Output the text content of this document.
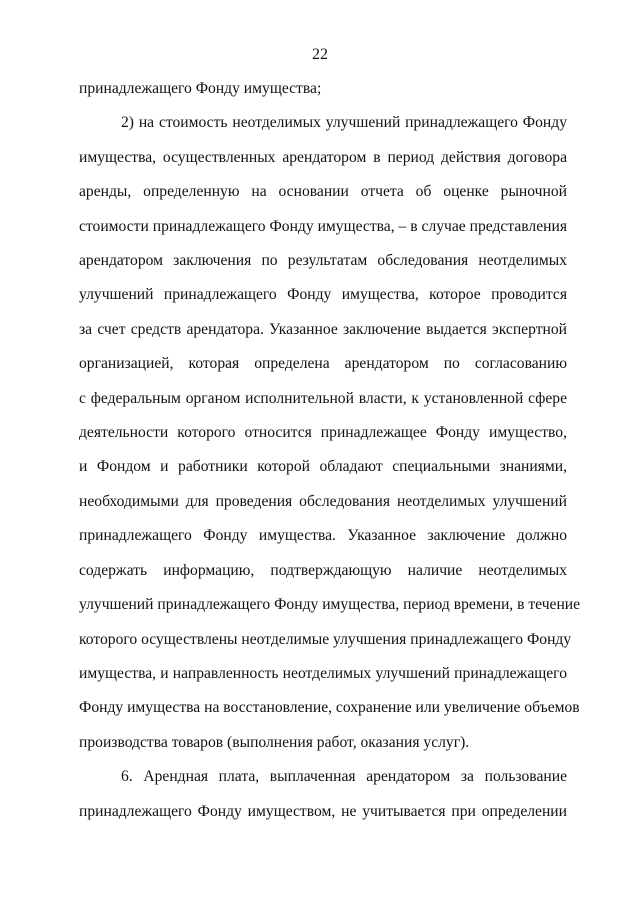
22

принадлежащего Фонду имущества;

2) на стоимость неотделимых улучшений принадлежащего Фонду
имущества, осуществленных арендатором в период действия договора
аренды, определенную на основании отчета об оценке рыночной
стоимости принадлежащего Фонду имущества, – в случае представления
арендатором заключения по результатам обследования неотделимых
улучшений принадлежащего Фонду имущества, которое проводится
за счет средств арендатора. Указанное заключение выдается экспертной
организацией, которая определена арендатором по согласованию
с федеральным органом исполнительной власти, к установленной сфере
деятельности которого относится принадлежащее Фонду имущество,
и Фондом и работники которой обладают специальными знаниями,
необходимыми для проведения обследования неотделимых улучшений
принадлежащего Фонду имущества. Указанное заключение должно
содержать информацию, подтверждающую наличие неотделимых
улучшений принадлежащего Фонду имущества, период времени, в течение
которого осуществлены неотделимые улучшения принадлежащего Фонду
имущества, и направленность неотделимых улучшений принадлежащего
Фонду имущества на восстановление, сохранение или увеличение объемов
производства товаров (выполнения работ, оказания услуг).

6. Арендная плата, выплаченная арендатором за пользование
принадлежащего Фонду имуществом, не учитывается при определении
